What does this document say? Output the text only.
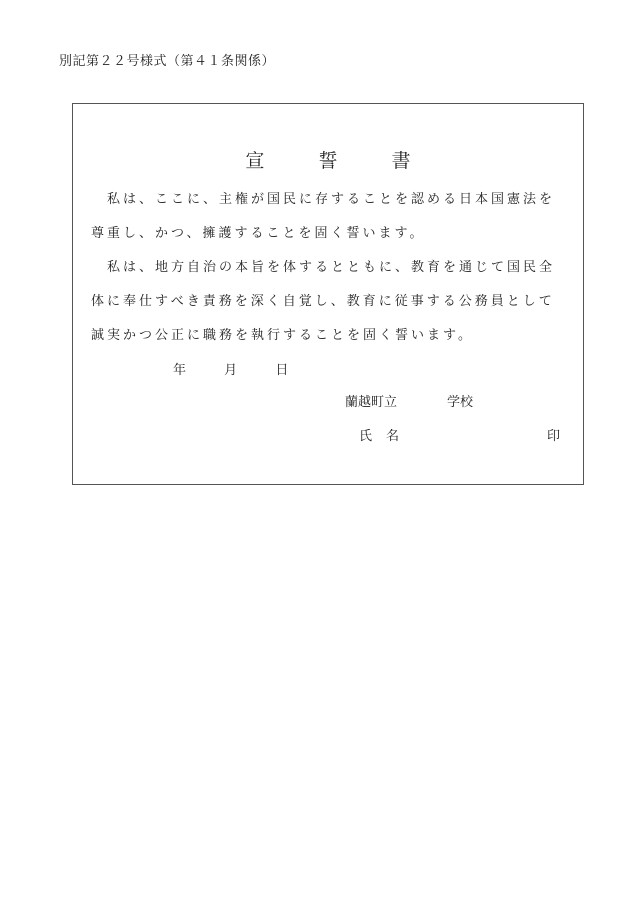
別記第２２号様式（第４１条関係）
宣	誓	書

私は、ここに、主権が国民に存することを認める日本国憲法を尊重し、かつ、擁護することを固く誓います。

私は、地方自治の本旨を体するとともに、教育を通じて国民全体に奉仕すべき責務を深く自覚し、教育に従事する公務員として誠実かつ公正に職務を執行することを固く誓います。

年	月	日
蘭越町立	学校
氏 名	印
